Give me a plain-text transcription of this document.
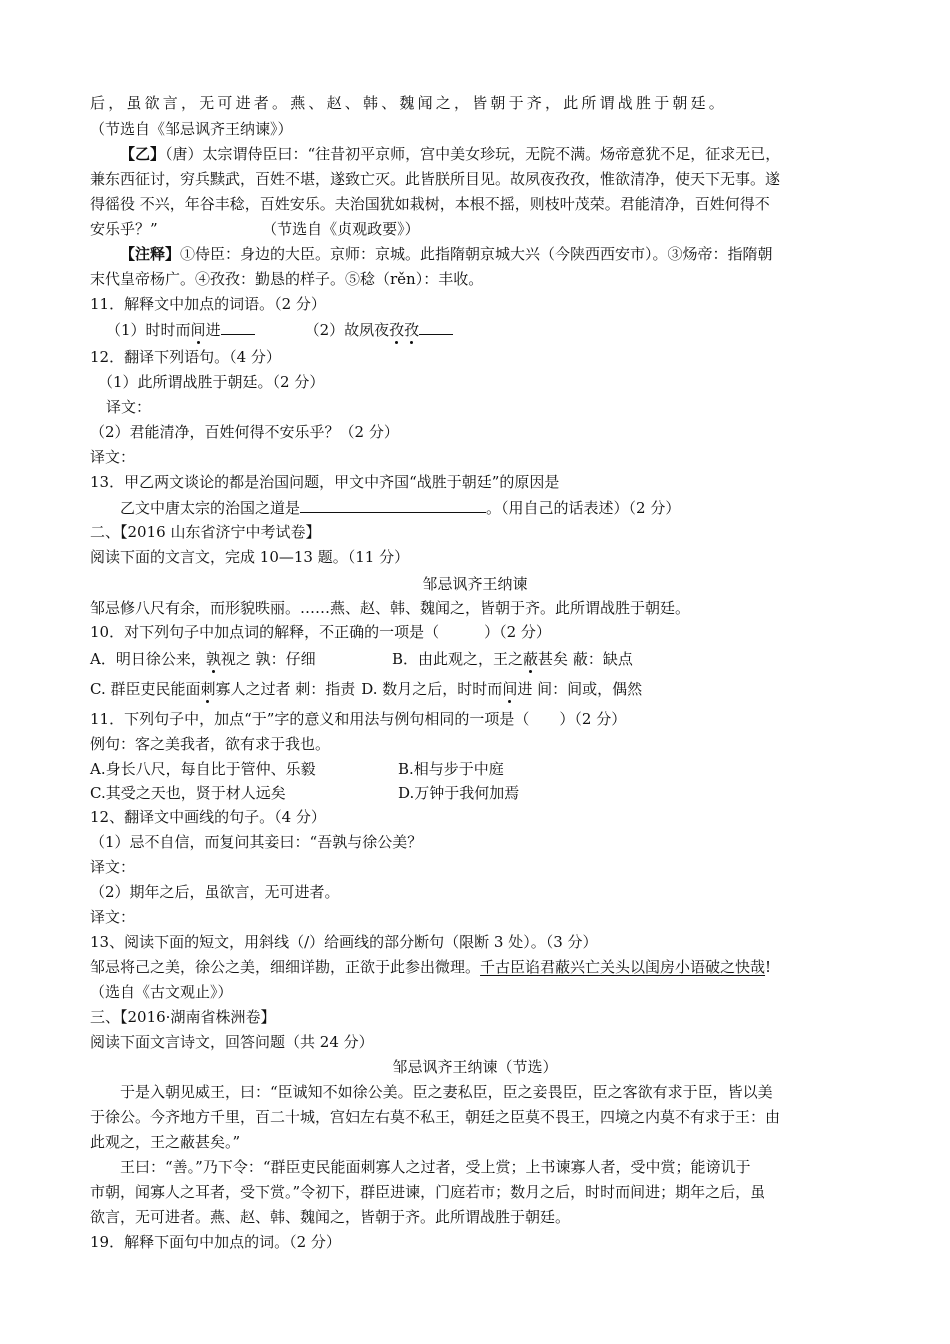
后，虽欲言，无可进者。燕、赵、韩、魏闻之，皆朝于齐，此所谓战胜于朝廷。
（节选自《邹忌讽齐王纳谏》）
【乙】（唐）太宗谓侍臣曰：“往昔初平京师，宫中美女珍玩，无院不满。炀帝意犹不足，征求无已，
兼东西征讨，穷兵黩武，百姓不堪，遂致亡灭。此皆朕所目见。故夙夜孜孜，惟欲清净，使天下无事。遂
得徭役 不兴，年谷丰稔，百姓安乐。夫治国犹如栽树，本根不摇，则枝叶茂荣。君能清净，百姓何得不
安乐乎？”	（节选自《贞观政要》）
【注释】①侍臣：身边的大臣。京师：京城。此指隋朝京城大兴（今陕西西安市）。③炀帝：指隋朝
末代皇帝杨广。④孜孜：勤恳的样子。⑤稔（rěn）：丰收。
11．解释文中加点的词语。（2 分）
（1）时时而间进	（2）故夙夜孜孜
12．翻译下列语句。（4 分）
（1）此所谓战胜于朝廷。（2 分）
译文：
（2）君能清净，百姓何得不安乐乎？（2 分）
译文：
13．甲乙两文谈论的都是治国问题，甲文中齐国“战胜于朝廷”的原因是
乙文中唐太宗的治国之道是	。（用自己的话表述）（2 分）
二、【2016 山东省济宁中考试卷】
阅读下面的文言文，完成 10—13 题。（11 分）
邹忌讽齐王纳谏
邹忌修八尺有余，而形貌昳丽。……燕、赵、韩、魏闻之，皆朝于齐。此所谓战胜于朝廷。
10．对下列句子中加点词的解释，不正确的一项是（　　　）（2 分）
A．明日徐公来，孰视之 孰：仔细	B．由此观之，王之蔽甚矣 蔽：缺点
C. 群臣吏民能面刺寡人之过者 刺：指责 D. 数月之后，时时而间进 间：间或，偶然
11．下列句子中，加点“于”字的意义和用法与例句相同的一项是（　　）（2 分）
例句：客之美我者，欲有求于我也。
A.身长八尺，每自比于管仲、乐毅	B.相与步于中庭
C.其受之天也，贤于材人远矣	D.万钟于我何加焉
12、翻译文中画线的句子。（4 分）
（1）忌不自信，而复问其妾曰：“吾孰与徐公美？
译文：
（2）期年之后，虽欲言，无可进者。
译文：
13、阅读下面的短文，用斜线（/）给画线的部分断句（限断 3 处）。（3 分）
邹忌将己之美，徐公之美，细细详勘，正欲于此参出微理。千古臣谄君蔽兴亡关头以闺房小语破之快哉!
（选自《古文观止》）
三、【2016·湖南省株洲卷】
阅读下面文言诗文，回答问题（共 24 分）
邹忌讽齐王纳谏（节选）
于是入朝见威王，曰：“臣诚知不如徐公美。臣之妻私臣，臣之妾畏臣，臣之客欲有求于臣，皆以美
于徐公。今齐地方千里，百二十城，宫妇左右莫不私王，朝廷之臣莫不畏王，四境之内莫不有求于王：由
此观之，王之蔽甚矣。”
王曰：“善。”乃下令：“群臣吏民能面刺寡人之过者，受上赏；上书谏寡人者，受中赏；能谤讥于
市朝，闻寡人之耳者，受下赏。”令初下，群臣进谏，门庭若市；数月之后，时时而间进；期年之后，虽
欲言，无可进者。燕、赵、韩、魏闻之，皆朝于齐。此所谓战胜于朝廷。
19．解释下面句中加点的词。（2 分）
